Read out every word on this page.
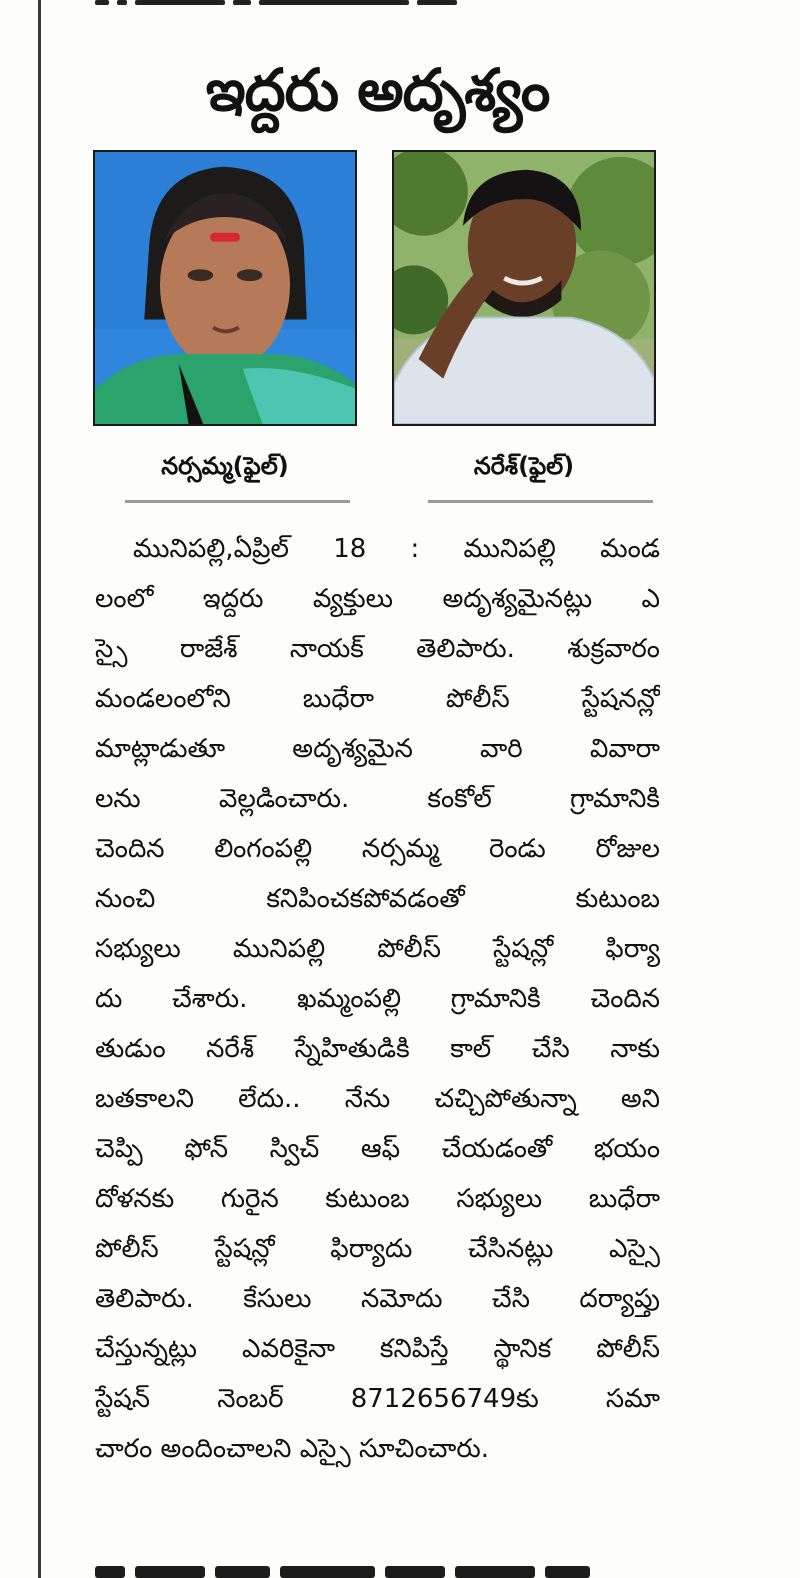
ఇద్దరు అదృశ్యం
నర్సమ్మ(ఫైల్)	నరేశ్(ఫైల్)
మునిపల్లి,ఏప్రిల్ 18 : మునిపల్లి మండ
లంలో ఇద్దరు వ్యక్తులు అదృశ్యమైనట్లు ఎ
స్సై రాజేశ్ నాయక్ తెలిపారు. శుక్రవారం
మండలంలోని బుధేరా పోలీస్ స్టేషనన్లో
మాట్లాడుతూ అదృశ్యమైన వారి వివారా
లను వెల్లడించారు. కంకోల్ గ్రామానికి
చెందిన లింగంపల్లి నర్సమ్మ రెండు రోజుల
నుంచి కనిపించకపోవడంతో కుటుంబ
సభ్యులు మునిపల్లి పోలీస్ స్టేషన్లో ఫిర్యా
దు చేశారు. ఖమ్మంపల్లి గ్రామానికి చెందిన
తుడుం నరేశ్ స్నేహితుడికి కాల్ చేసి నాకు
బతకాలని లేదు.. నేను చచ్చిపోతున్నా అని
చెప్పి ఫోన్ స్విచ్ ఆఫ్ చేయడంతో భయం
దోళనకు గురైన కుటుంబ సభ్యులు బుధేరా
పోలీస్ స్టేషన్లో ఫిర్యాదు చేసినట్లు ఎస్సై
తెలిపారు. కేసులు నమోదు చేసి దర్యాప్తు
చేస్తున్నట్లు ఎవరికైనా కనిపిస్తే స్థానిక పోలీస్
స్టేషన్ నెంబర్ 8712656749కు సమా
చారం అందించాలని ఎస్సై సూచించారు.
